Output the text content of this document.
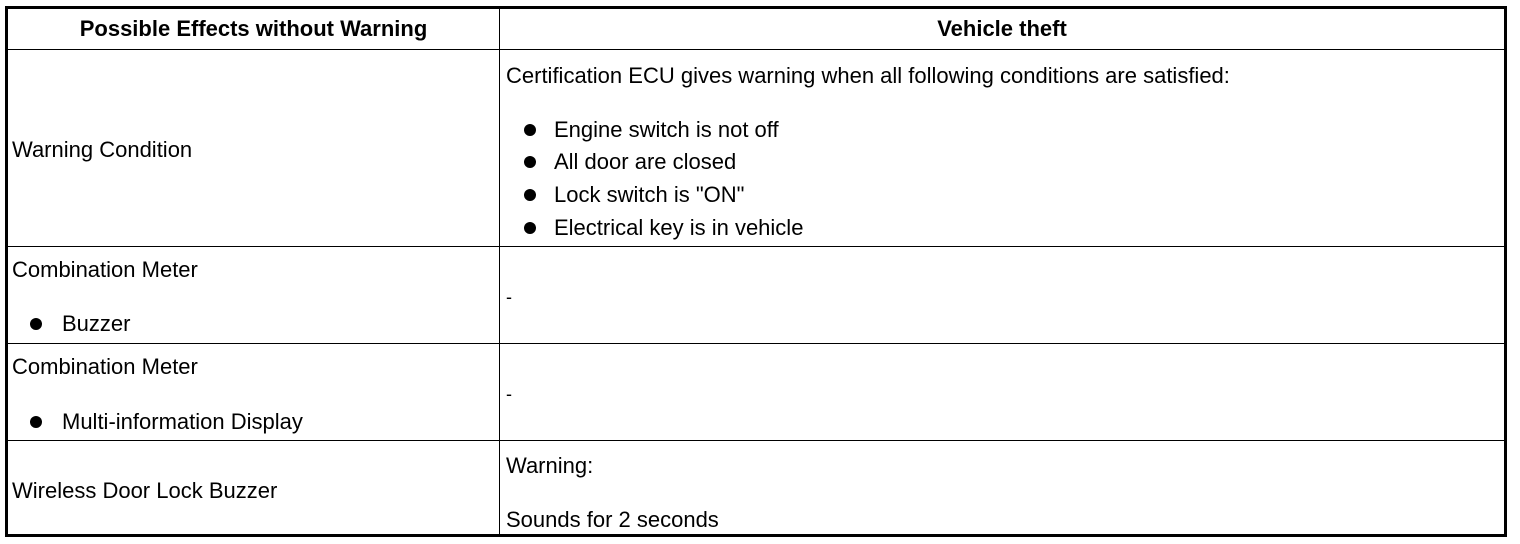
Possible Effects without Warning	Vehicle theft
Warning Condition
Certification ECU gives warning when all following conditions are satisfied:
Engine switch is not off
All door are closed
Lock switch is "ON"
Electrical key is in vehicle
Combination Meter
Buzzer
-
Combination Meter
Multi-information Display
-
Wireless Door Lock Buzzer
Warning:
Sounds for 2 seconds
